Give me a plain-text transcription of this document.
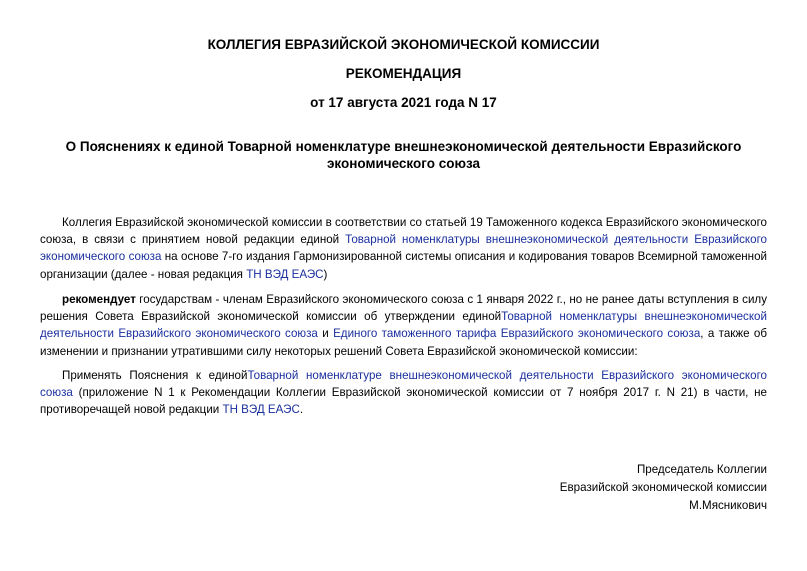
КОЛЛЕГИЯ ЕВРАЗИЙСКОЙ ЭКОНОМИЧЕСКОЙ КОМИССИИ
РЕКОМЕНДАЦИЯ
от 17 августа 2021 года N 17
О Пояснениях к единой Товарной номенклатуре внешнеэкономической деятельности Евразийского экономического союза
Коллегия Евразийской экономической комиссии в соответствии со статьей 19 Таможенного кодекса Евразийского экономического союза, в связи с принятием новой редакции единой Товарной номенклатуры внешнеэкономической деятельности Евразийского экономического союза на основе 7-го издания Гармонизированной системы описания и кодирования товаров Всемирной таможенной организации (далее - новая редакция ТН ВЭД ЕАЭС)
рекомендует государствам - членам Евразийского экономического союза с 1 января 2022 г., но не ранее даты вступления в силу решения Совета Евразийской экономической комиссии об утверждении единойТоварной номенклатуры внешнеэкономической деятельности Евразийского экономического союза и Единого таможенного тарифа Евразийского экономического союза, а также об изменении и признании утратившими силу некоторых решений Совета Евразийской экономической комиссии:
Применять Пояснения к единойТоварной номенклатуре внешнеэкономической деятельности Евразийского экономического союза (приложение N 1 к Рекомендации Коллегии Евразийской экономической комиссии от 7 ноября 2017 г. N 21) в части, не противоречащей новой редакции ТН ВЭД ЕАЭС.
Председатель Коллегии
Евразийской экономической комиссии
М.Мясникович
